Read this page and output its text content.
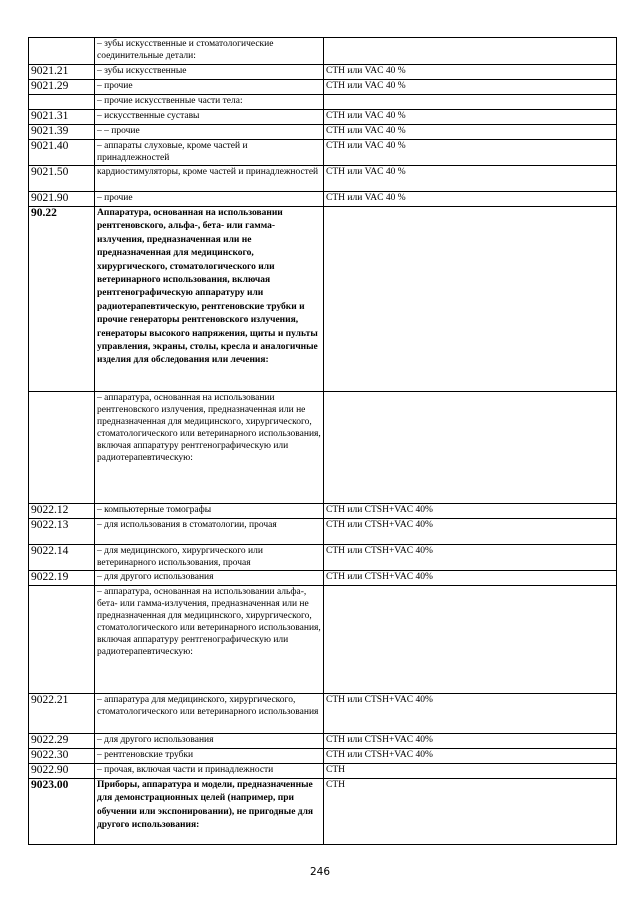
	– зубы искусственные и стоматологические соединительные детали:	
9021.21	– зубы искусственные	СТН или VAC 40 %
9021.29	– прочие	СТН или VAC 40 %
	– прочие искусственные части тела:	
9021.31	– искусственные суставы	СТН или VAC 40 %
9021.39	– – прочие	СТН или VAC 40 %
9021.40	– аппараты слуховые, кроме частей и принадлежностей	СТН или VAC 40 %
9021.50	кардиостимуляторы, кроме частей и принадлежностей	СТН или VAC 40 %
9021.90	– прочие	СТН или VAC 40 %
90.22	Аппаратура, основанная на использовании рентгеновского, альфа-, бета- или гамма-излучения, предназначенная или не предназначенная для медицинского, хирургического, стоматологического или ветеринарного использования, включая рентгенографическую аппаратуру или радиотерапевтическую, рентгеновские трубки и прочие генераторы рентгеновского излучения, генераторы высокого напряжения, щиты и пульты управления, экраны, столы, кресла и аналогичные изделия для обследования или лечения:	
	– аппаратура, основанная на использовании рентгеновского излучения, предназначенная или не предназначенная для медицинского, хирургического, стоматологического или ветеринарного использования, включая аппаратуру рентгенографическую или радиотерапевтическую:	
9022.12	– компьютерные томографы	СТН или СТSH+VAC 40%
9022.13	– для использования в стоматологии, прочая	СТН или СТSH+VAC 40%
9022.14	– для медицинского, хирургического или ветеринарного использования, прочая	СТН или СТSH+VAC 40%
9022.19	– для другого использования	СТН или СТSH+VAC 40%
	– аппаратура, основанная на использовании альфа-, бета- или гамма-излучения, предназначенная или не предназначенная для медицинского, хирургического, стоматологического или ветеринарного использования, включая аппаратуру рентгенографическую или радиотерапевтическую:	
9022.21	– аппаратура для медицинского, хирургического, стоматологического или ветеринарного использования	СТН или СТSH+VAC 40%
9022.29	– для другого использования	СТН или СТSH+VAC 40%
9022.30	– рентгеновские трубки	СТН или СТSH+VAC 40%
9022.90	– прочая, включая части и принадлежности	СТН
9023.00	Приборы, аппаратура и модели, предназначенные для демонстрационных целей (например, при обучении или экспонировании), не пригодные для другого использования:	СТН
246
